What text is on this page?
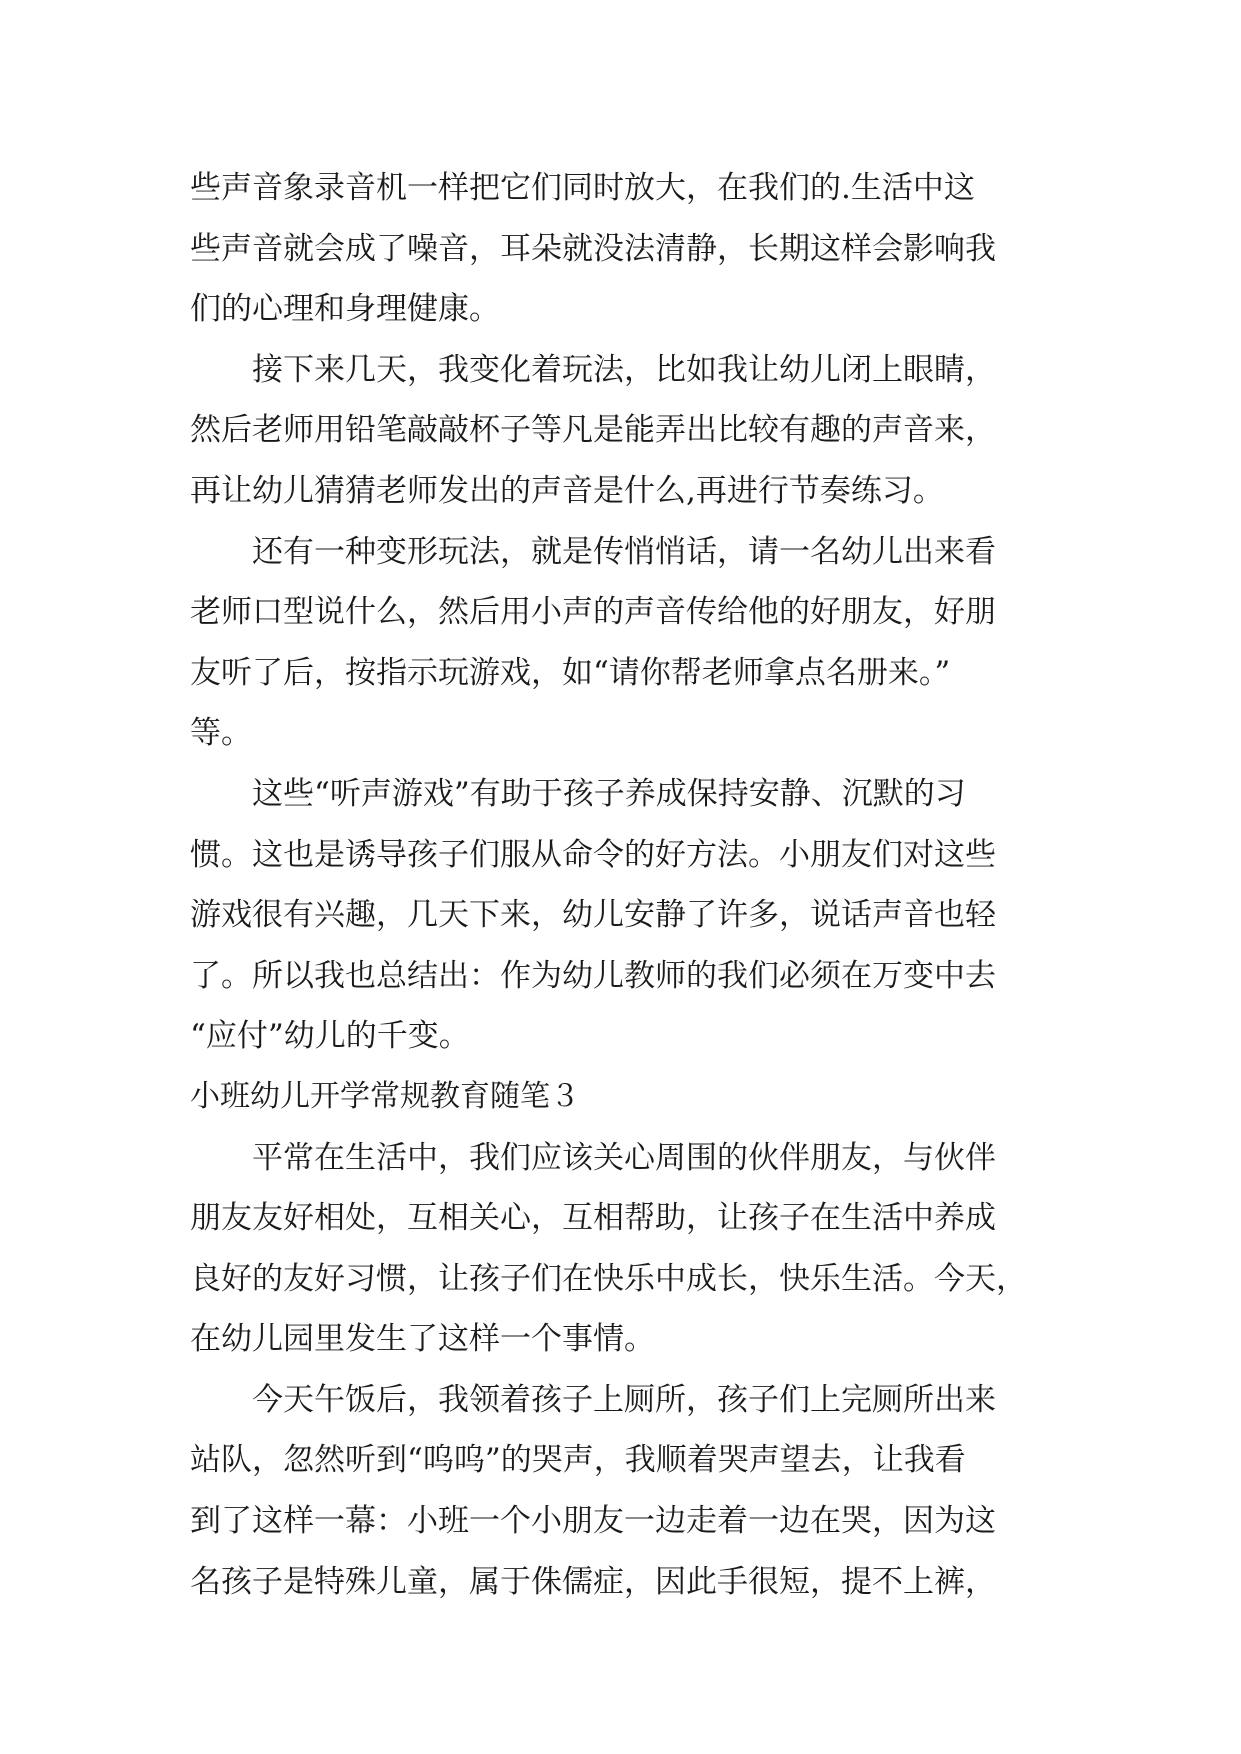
些声音象录音机一样把它们同时放大，在我们的.生活中这
些声音就会成了噪音，耳朵就没法清静，长期这样会影响我
们的心理和身理健康。
　　接下来几天，我变化着玩法，比如我让幼儿闭上眼睛，
然后老师用铅笔敲敲杯子等凡是能弄出比较有趣的声音来，
再让幼儿猜猜老师发出的声音是什么,再进行节奏练习。
　　还有一种变形玩法，就是传悄悄话，请一名幼儿出来看
老师口型说什么，然后用小声的声音传给他的好朋友，好朋
友听了后，按指示玩游戏，如“请你帮老师拿点名册来。”
等。
　　这些“听声游戏”有助于孩子养成保持安静、沉默的习
惯。这也是诱导孩子们服从命令的好方法。小朋友们对这些
游戏很有兴趣，几天下来，幼儿安静了许多，说话声音也轻
了。所以我也总结出：作为幼儿教师的我们必须在万变中去
“应付”幼儿的千变。
小班幼儿开学常规教育随笔３
　　平常在生活中，我们应该关心周围的伙伴朋友，与伙伴
朋友友好相处，互相关心，互相帮助，让孩子在生活中养成
良好的友好习惯，让孩子们在快乐中成长，快乐生活。今天，
在幼儿园里发生了这样一个事情。
　　今天午饭后，我领着孩子上厕所，孩子们上完厕所出来
站队，忽然听到“呜呜”的哭声，我顺着哭声望去，让我看
到了这样一幕：小班一个小朋友一边走着一边在哭，因为这
名孩子是特殊儿童，属于侏儒症，因此手很短，提不上裤，
